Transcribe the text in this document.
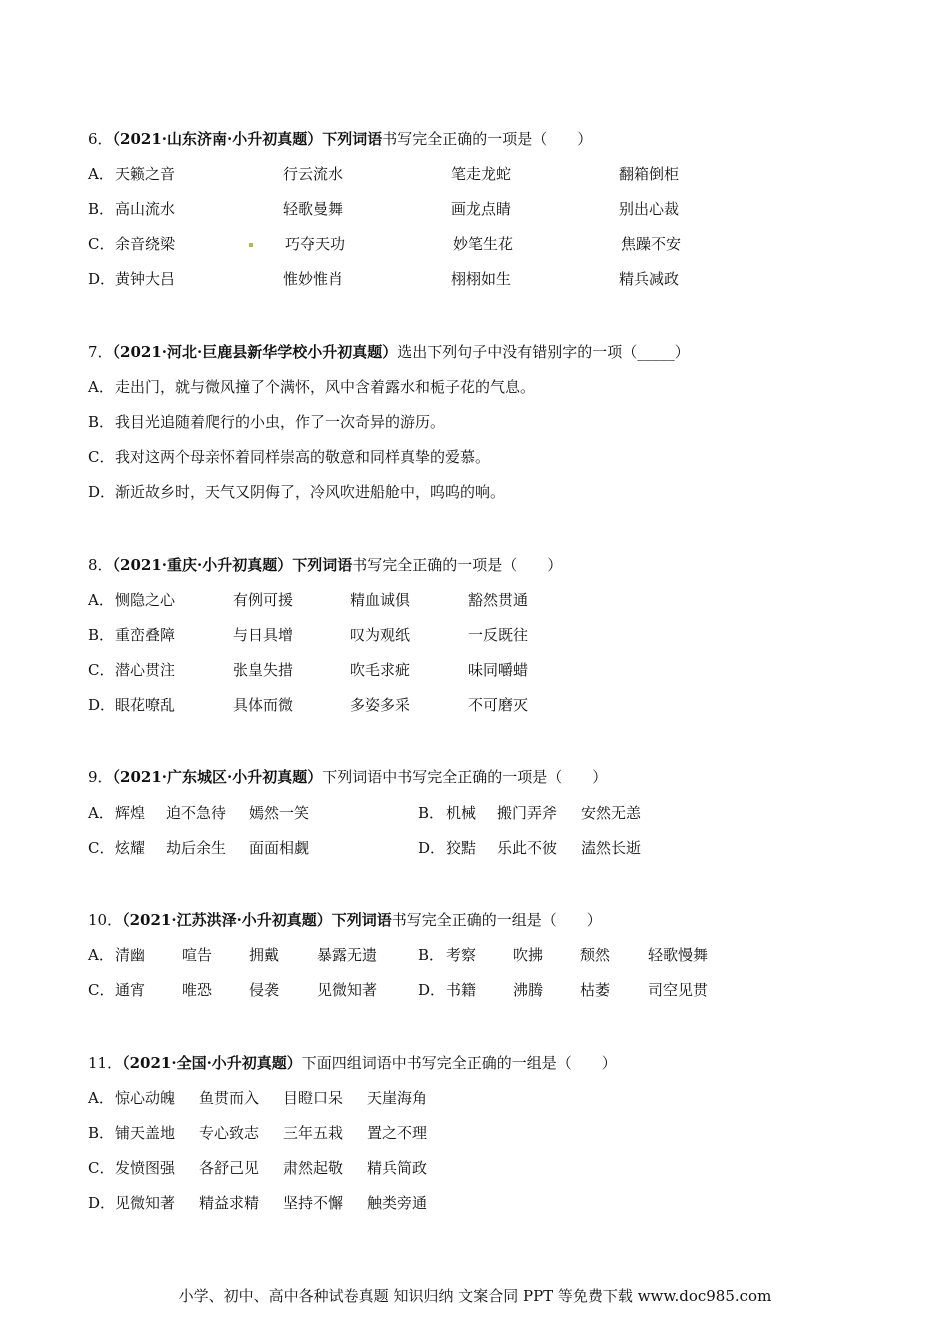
6．（2021·山东济南·小升初真题）下列词语书写完全正确的一项是（　　）
A． 天籁之音	行云流水	笔走龙蛇	翻箱倒柜
B． 高山流水	轻歌曼舞	画龙点睛	别出心裁
C． 余音绕梁	巧夺天功	妙笔生花	焦躁不安
D． 黄钟大吕	惟妙惟肖	栩栩如生	精兵减政
7．（2021·河北·巨鹿县新华学校小升初真题）选出下列句子中没有错别字的一项（_____）
A． 走出门，就与微风撞了个满怀，风中含着露水和栀子花的气息。
B． 我目光追随着爬行的小虫，作了一次奇异的游历。
C． 我对这两个母亲怀着同样崇高的敬意和同样真挚的爱慕。
D． 渐近故乡时，天气又阴侮了，冷风吹进船舱中，呜呜的响。
8．（2021·重庆·小升初真题）下列词语书写完全正确的一项是（　　）
A． 恻隐之心	有例可援	精血诚俱	豁然贯通
B． 重峦叠障	与日具增	叹为观纸	一反既往
C． 潜心贯注	张皇失措	吹毛求疵	味同嚼蜡
D． 眼花嘹乱	具体而微	多姿多采	不可磨灭
9．（2021·广东城区·小升初真题）下列词语中书写完全正确的一项是（　　）
A． 辉煌 迫不急待 嫣然一笑	B． 机械 搬门弄斧 安然无恙
C． 炫耀 劫后余生 面面相觑	D． 狡黠 乐此不彼 溘然长逝
10．（2021·江苏洪泽·小升初真题）下列词语书写完全正确的一组是（　　）
A． 清幽 喧告 拥戴	暴露无遗	B． 考察 吹拂 颓然	轻歌慢舞
C． 通宵 唯恐 侵袭	见微知著	D． 书籍 沸腾 枯萎	司空见贯
11．（2021·全国·小升初真题）下面四组词语中书写完全正确的一组是（　　）
A． 惊心动魄 鱼贯而入 目瞪口呆 天崖海角
B． 铺天盖地 专心致志 三年五栽 置之不理
C． 发愤图强 各舒己见 肃然起敬 精兵简政
D． 见微知著 精益求精 坚持不懈 触类旁通
小学、初中、高中各种试卷真题 知识归纳 文案合同 PPT 等免费下载 www.doc985.com
